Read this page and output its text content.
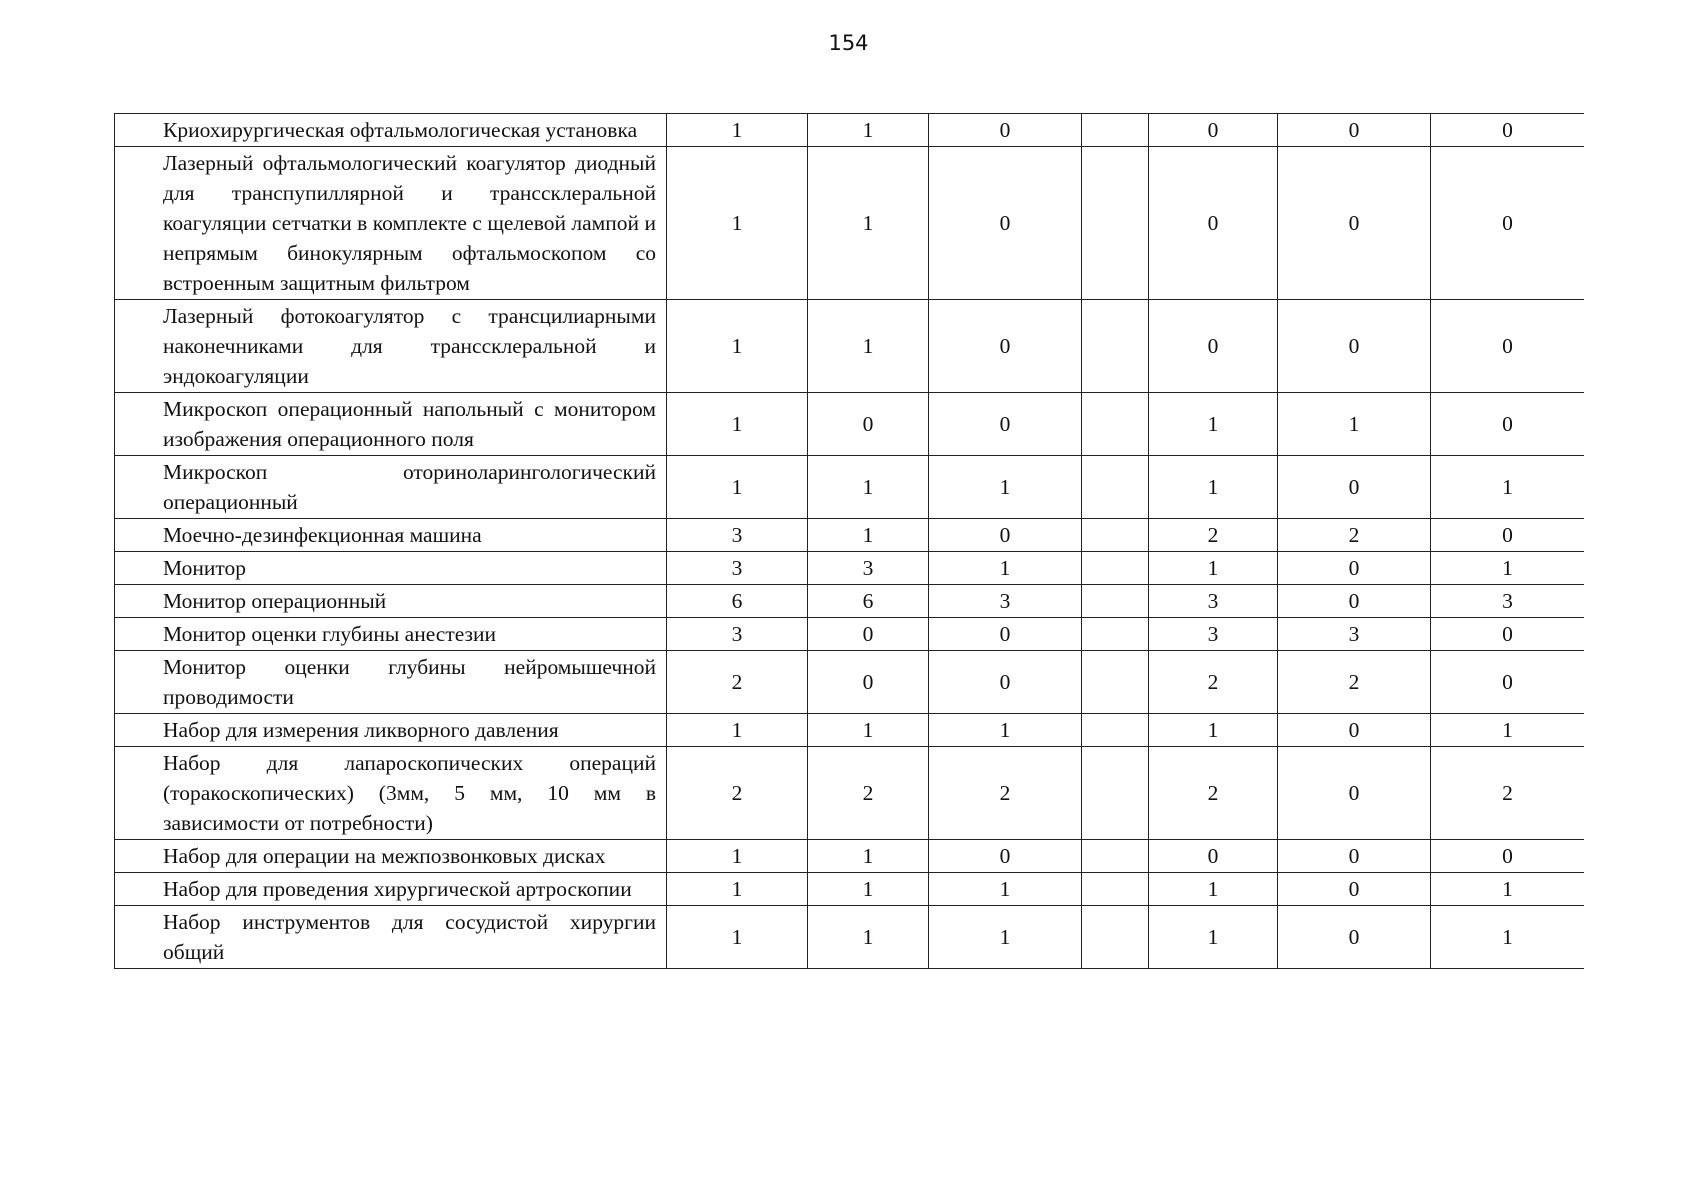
154
Криохирургическая офтальмологическая установка	1	1	0		0	0	0
Лазерный офтальмологический коагулятор диодный для транспупиллярной и транссклеральной коагуляции сетчатки в комплекте с щелевой лампой и непрямым бинокулярным офтальмоскопом со встроенным защитным фильтром	1	1	0		0	0	0
Лазерный фотокоагулятор с трансцилиарными наконечниками для транссклеральной и эндокоагуляции	1	1	0		0	0	0
Микроскоп операционный напольный с монитором изображения операционного поля	1	0	0		1	1	0
Микроскоп оториноларингологический операционный	1	1	1		1	0	1
Моечно-дезинфекционная машина	3	1	0		2	2	0
Монитор	3	3	1		1	0	1
Монитор операционный	6	6	3		3	0	3
Монитор оценки глубины анестезии	3	0	0		3	3	0
Монитор оценки глубины нейромышечной проводимости	2	0	0		2	2	0
Набор для измерения ликворного давления	1	1	1		1	0	1
Набор для лапароскопических операций (торакоскопических) (3мм, 5 мм, 10 мм в зависимости от потребности)	2	2	2		2	0	2
Набор для операции на межпозвонковых дисках	1	1	0		0	0	0
Набор для проведения хирургической артроскопии	1	1	1		1	0	1
Набор инструментов для сосудистой хирургии общий	1	1	1		1	0	1
